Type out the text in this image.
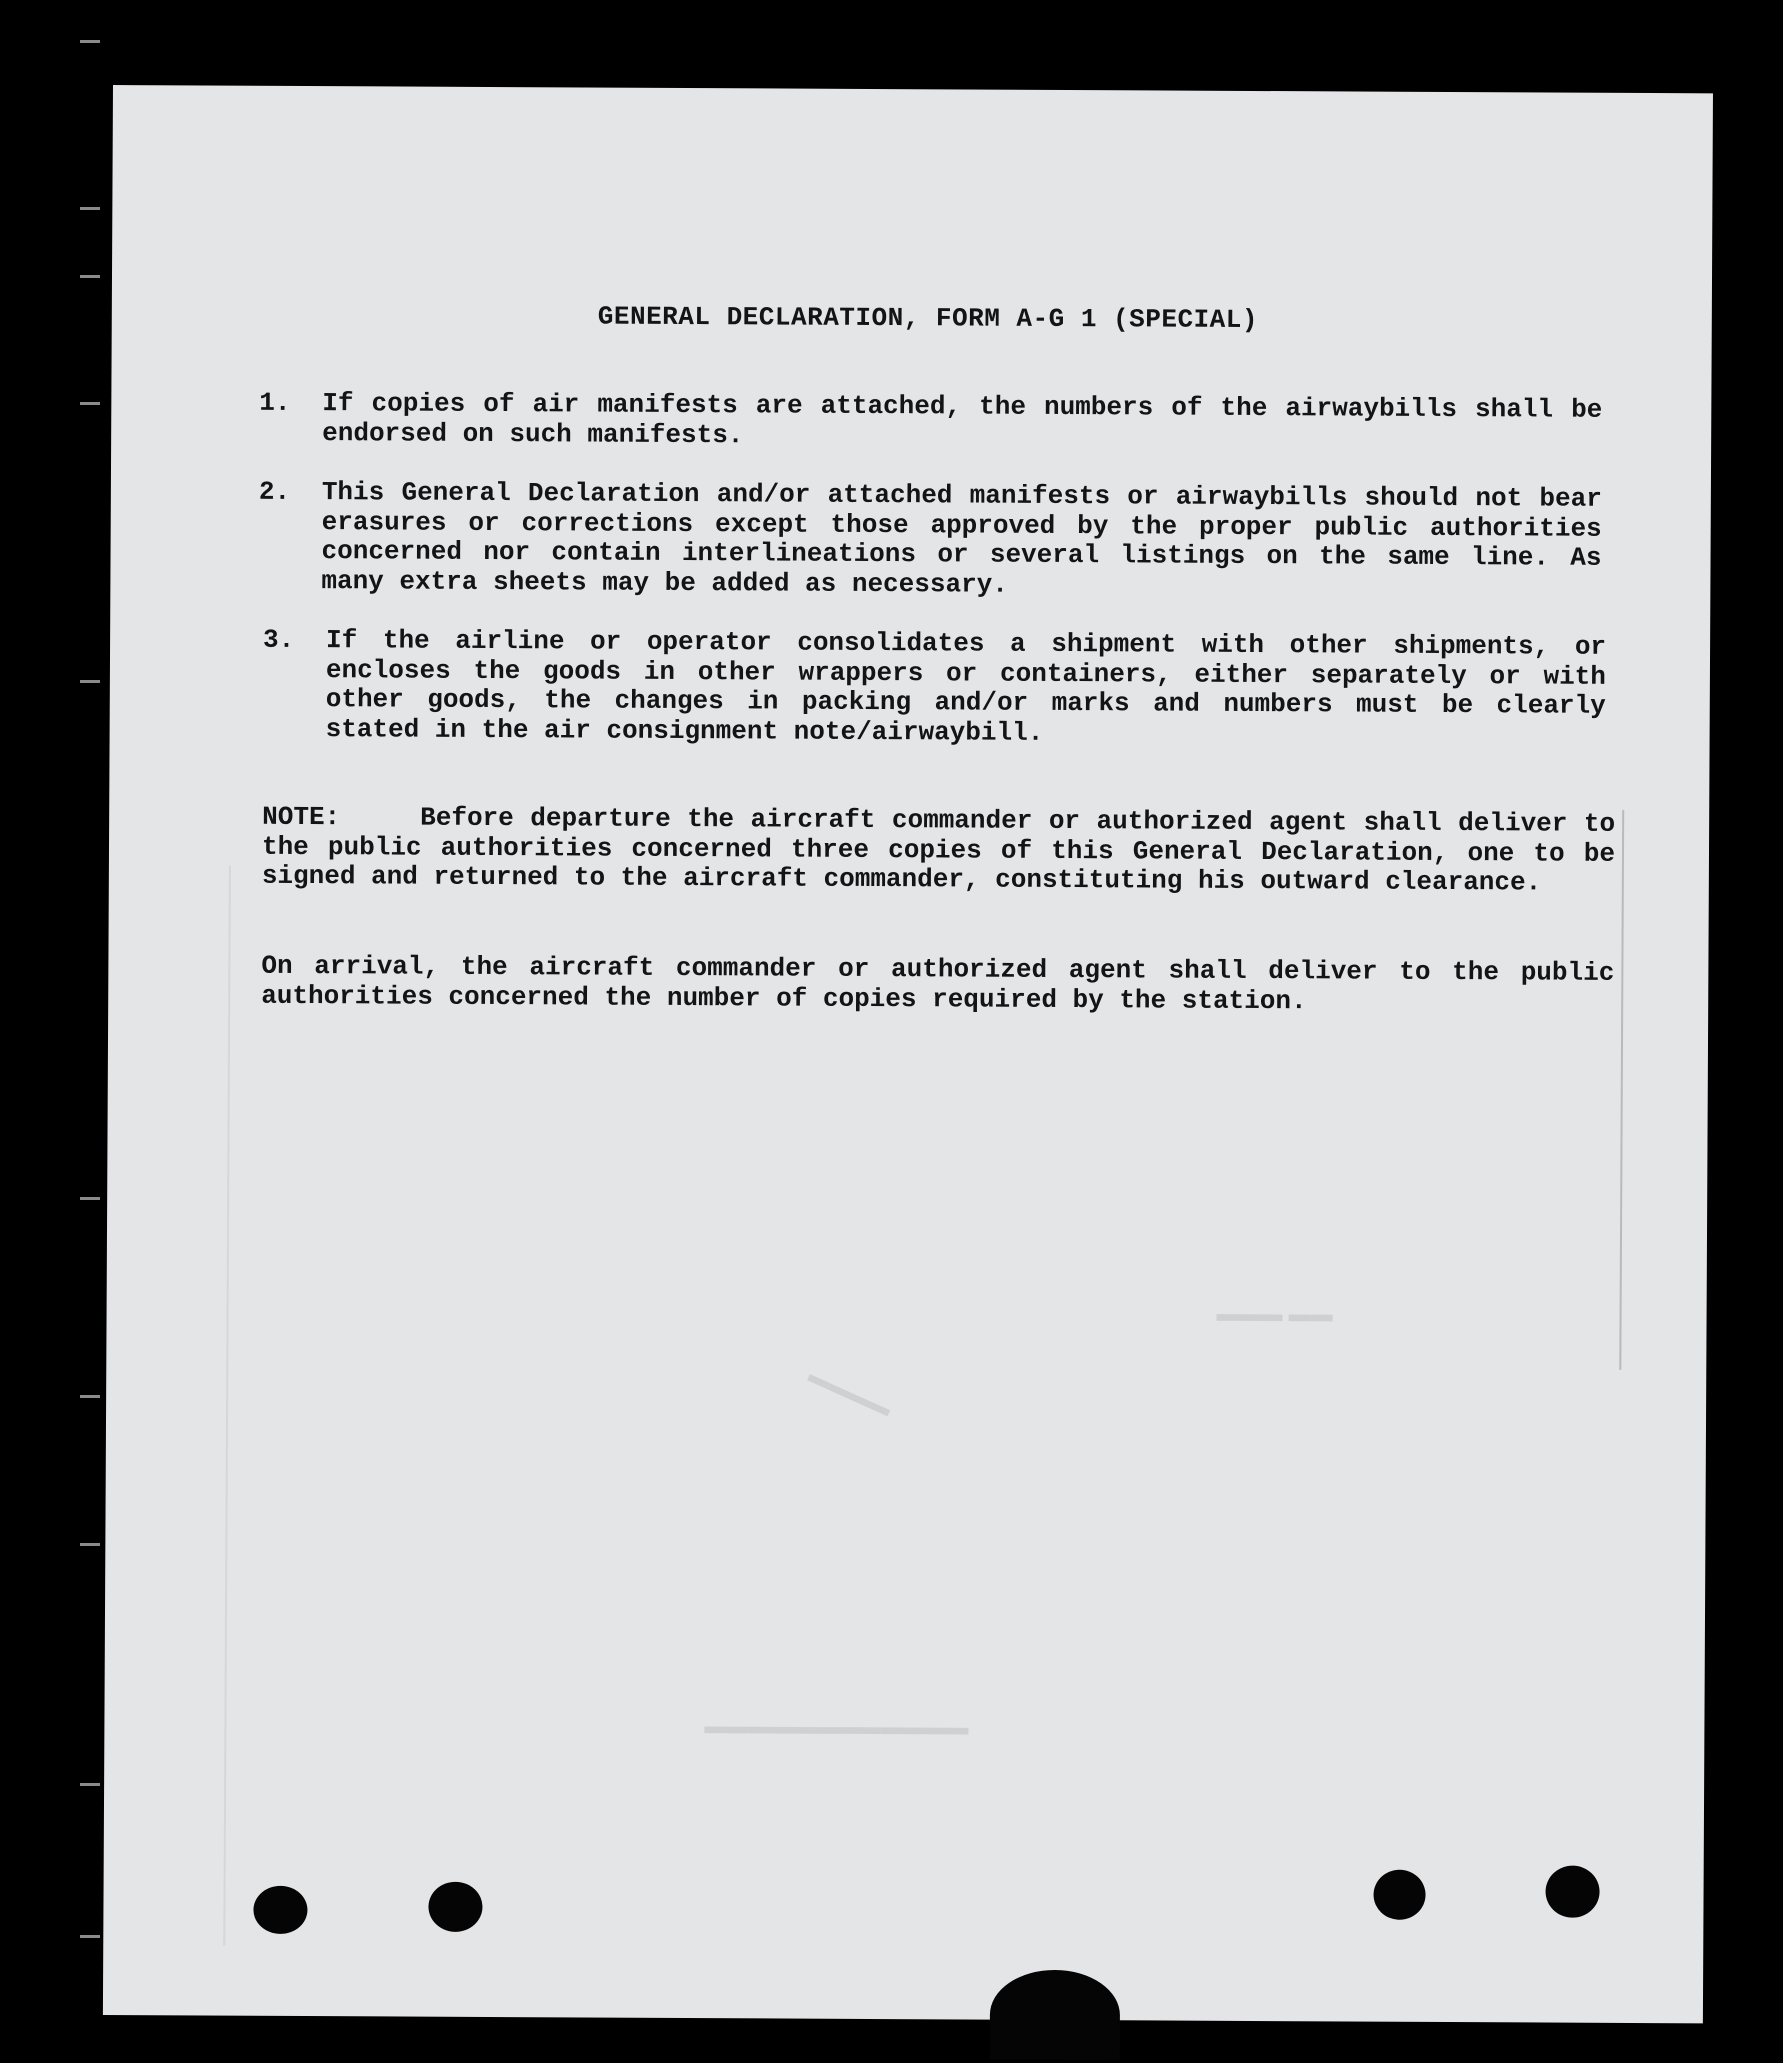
GENERAL DECLARATION, FORM A-G 1 (SPECIAL)
1. If copies of air manifests are attached, the numbers of the airwaybills shall be endorsed on such manifests.
2. This General Declaration and/or attached manifests or airwaybills should not bear erasures or corrections except those approved by the proper public authorities concerned nor contain interlineations or several listings on the same line. As many extra sheets may be added as necessary.
3. If the airline or operator consolidates a shipment with other shipments, or encloses the goods in other wrappers or containers, either separately or with other goods, the changes in packing and/or marks and numbers must be clearly stated in the air consignment note/airwaybill.
NOTE:	Before departure the aircraft commander or authorized agent shall deliver to the public authorities concerned three copies of this General Declaration, one to be signed and returned to the aircraft commander, constituting his outward clearance.
On arrival, the aircraft commander or authorized agent shall deliver to the public authorities concerned the number of copies required by the station.
▬▬▬ ▬▬
▬▬▬▬
▬▬▬▬▬▬▬▬▬▬▬▬
